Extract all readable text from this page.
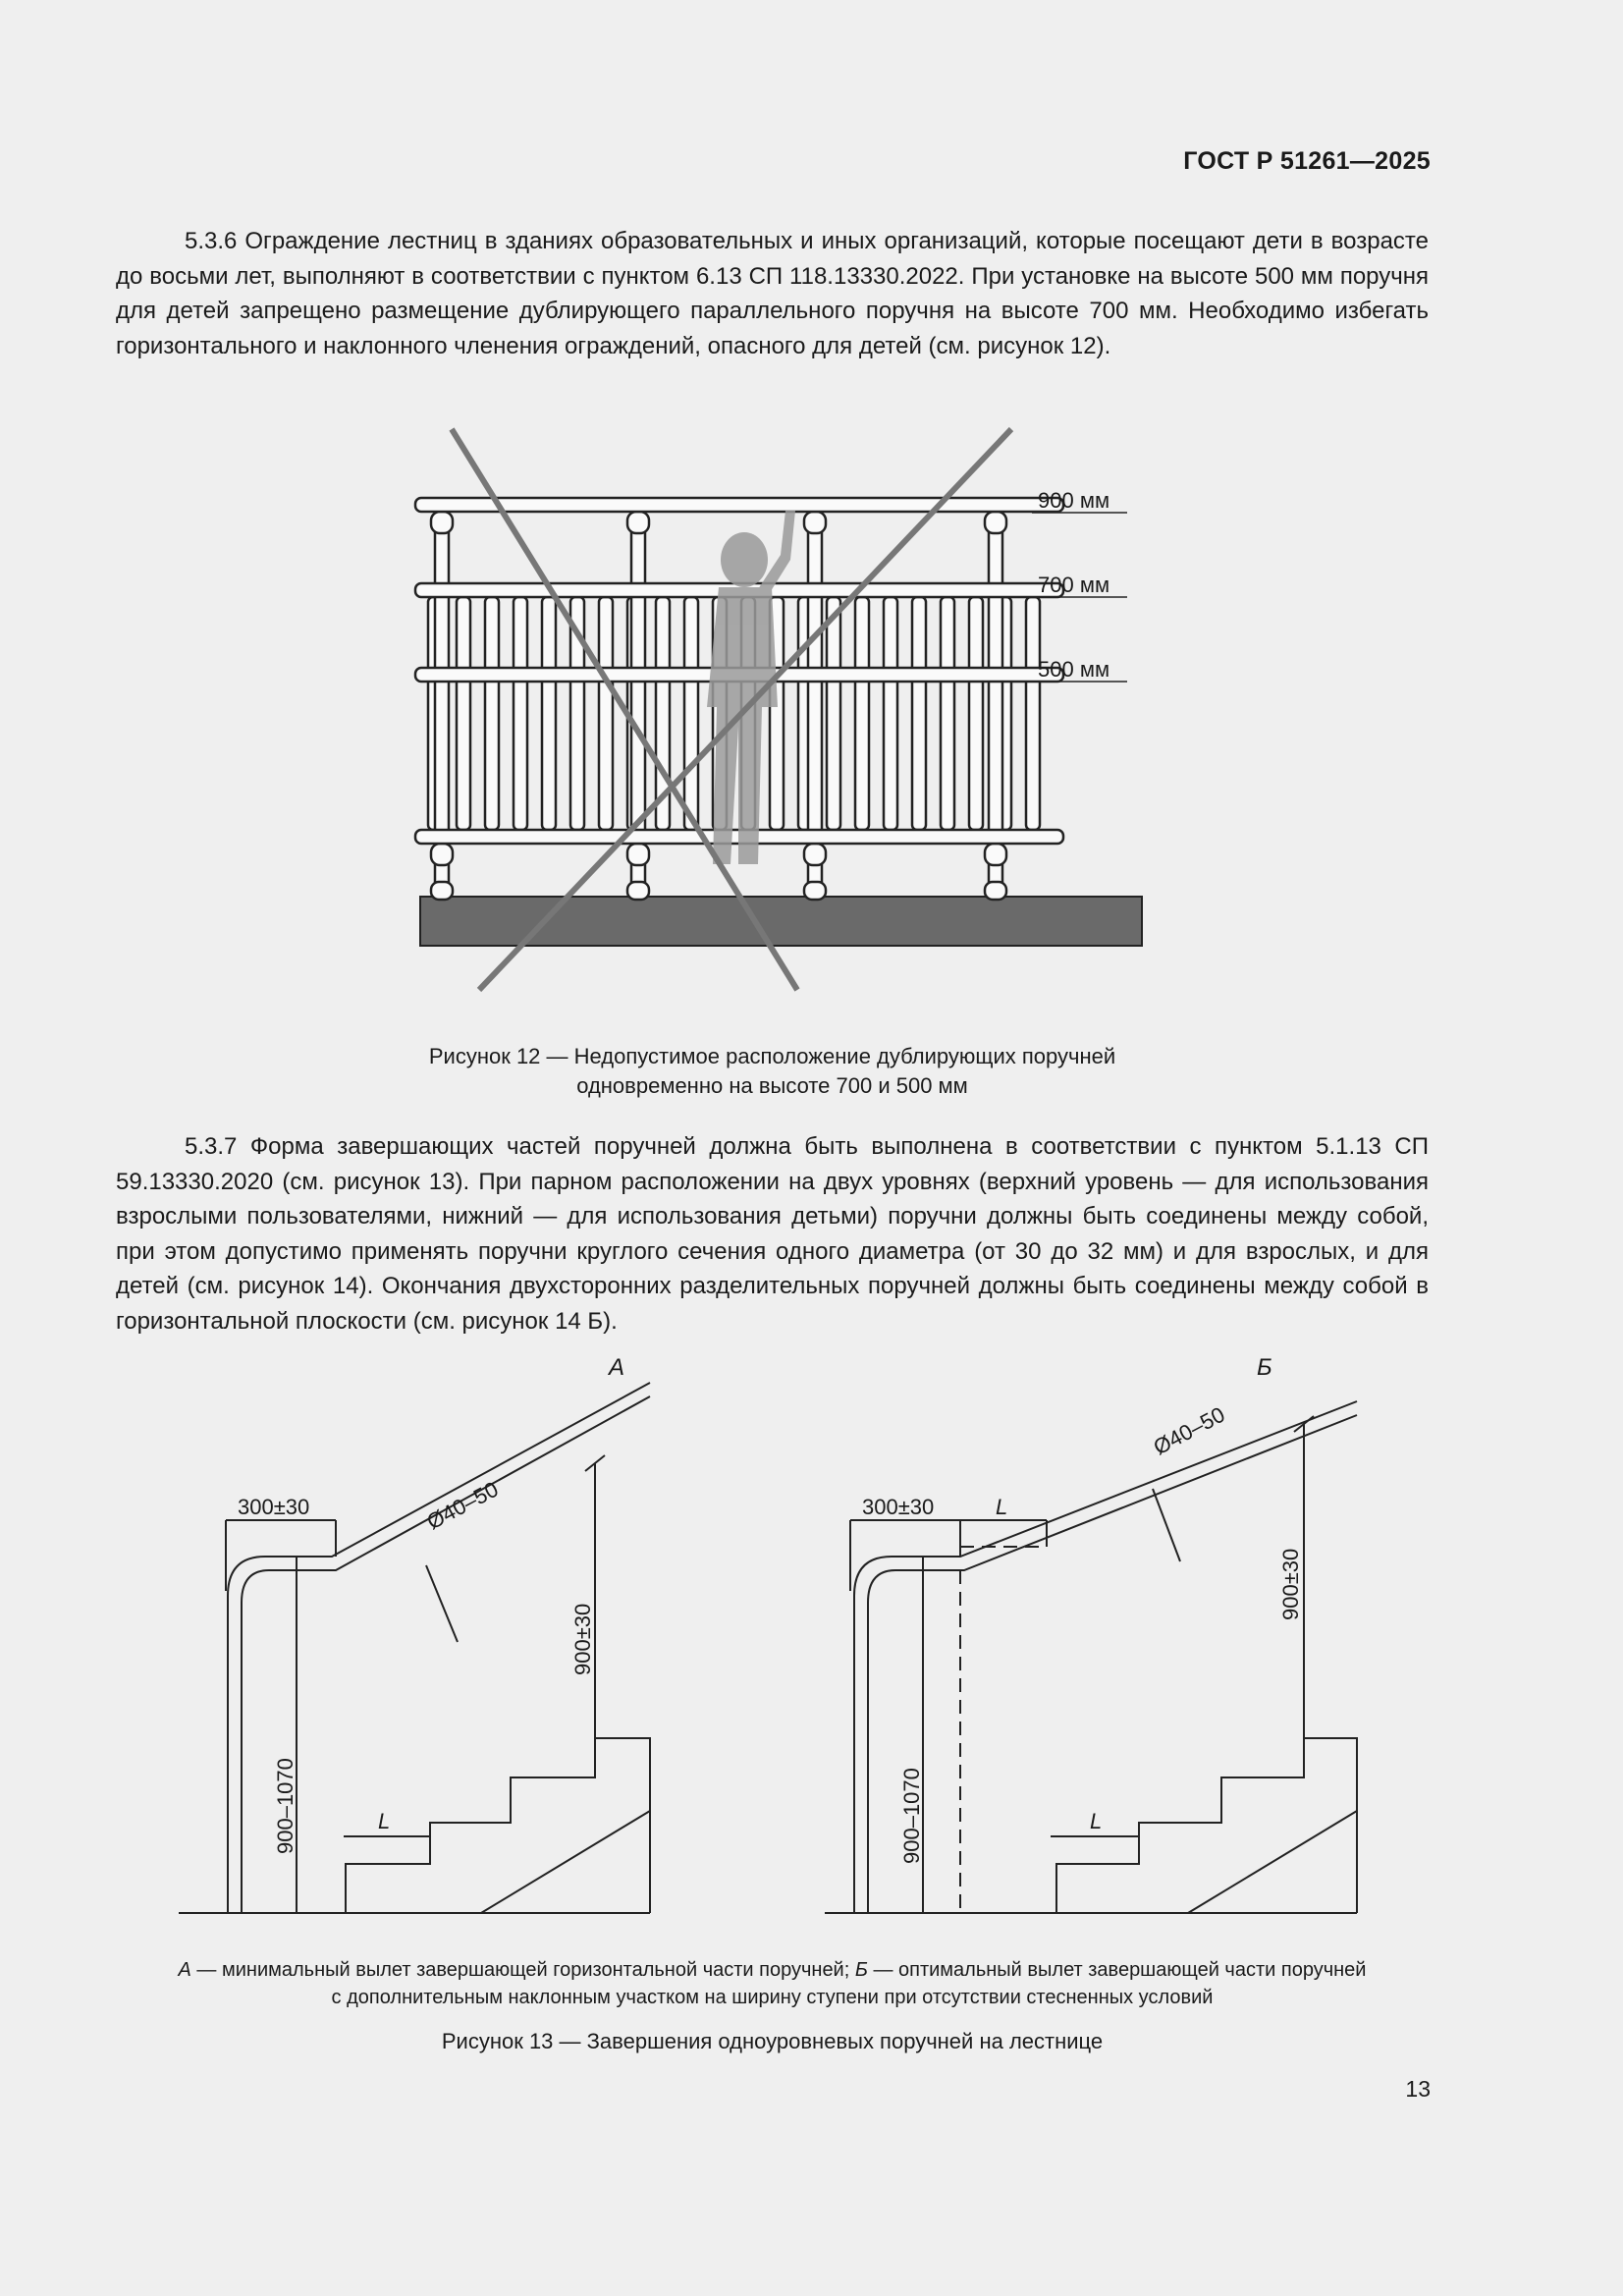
ГОСТ Р 51261—2025

5.3.6 Ограждение лестниц в зданиях образовательных и иных организаций, которые посещают дети в возрасте до восьми лет, выполняют в соответствии с пунктом 6.13 СП 118.13330.2022. При установке на высоте 500 мм поручня для детей запрещено размещение дублирующего параллельного поручня на высоте 700 мм. Необходимо избегать горизонтального и наклонного членения ограждений, опасного для детей (см. рисунок 12).

900 мм
700 мм
500 мм
Рисунок 12 — Недопустимое расположение дублирующих поручней
одновременно на высоте 700 и 500 мм

5.3.7 Форма завершающих частей поручней должна быть выполнена в соответствии с пунктом 5.1.13 СП 59.13330.2020 (см. рисунок 13). При парном расположении на двух уровнях (верхний уровень — для использования взрослыми пользователями, нижний — для использования детьми) поручни должны быть соединены между собой, при этом допустимо применять поручни круглого сечения одного диаметра (от 30 до 32 мм) и для взрослых, и для детей (см. рисунок 14). Окончания двухсторонних разделительных поручней должны быть соединены между собой в горизонтальной плоскости (см. рисунок 14 Б).

А
300±30	Ø40–50
900–1070
900±30
L
Б
300±30	L
Ø40–50
900–1070
900±30
L
А — минимальный вылет завершающей горизонтальной части поручней; Б — оптимальный вылет завершающей части поручней
с дополнительным наклонным участком на ширину ступени при отсутствии стесненных условий
Рисунок 13 — Завершения одноуровневых поручней на лестнице
13
